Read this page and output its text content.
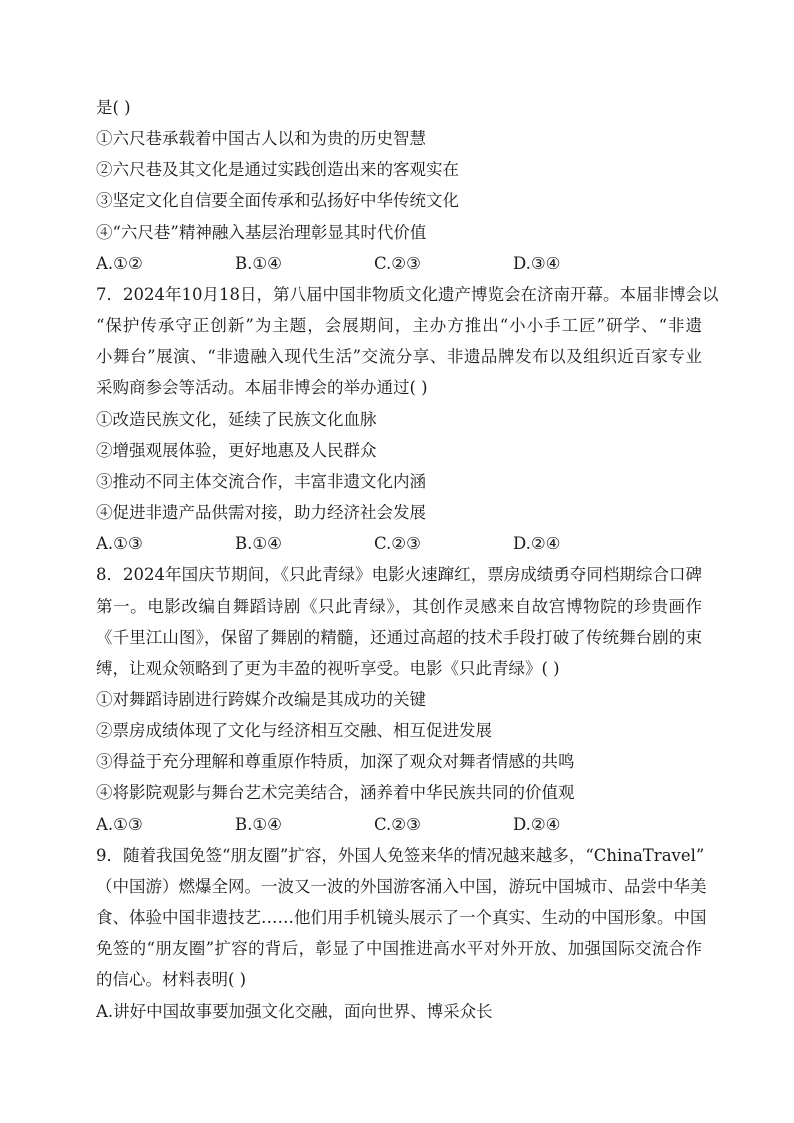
是( )
①六尺巷承载着中国古人以和为贵的历史智慧
②六尺巷及其文化是通过实践创造出来的客观实在
③坚定文化自信要全面传承和弘扬好中华传统文化
④“六尺巷”精神融入基层治理彰显其时代价值
A.①②	B.①④	C.②③	D.③④
7．2024年10月18日，第八届中国非物质文化遗产博览会在济南开幕。本届非博会以
“保护传承守正创新”为主题，会展期间，主办方推出“小小手工匠”研学、“非遗
小舞台”展演、“非遗融入现代生活”交流分享、非遗品牌发布以及组织近百家专业
采购商参会等活动。本届非博会的举办通过( )
①改造民族文化，延续了民族文化血脉
②增强观展体验，更好地惠及人民群众
③推动不同主体交流合作，丰富非遗文化内涵
④促进非遗产品供需对接，助力经济社会发展
A.①③	B.①④	C.②③	D.②④
8．2024年国庆节期间，《只此青绿》电影火速蹿红，票房成绩勇夺同档期综合口碑
第一。电影改编自舞蹈诗剧《只此青绿》，其创作灵感来自故宫博物院的珍贵画作
《千里江山图》，保留了舞剧的精髓，还通过高超的技术手段打破了传统舞台剧的束
缚，让观众领略到了更为丰盈的视听享受。电影《只此青绿》( )
①对舞蹈诗剧进行跨媒介改编是其成功的关键
②票房成绩体现了文化与经济相互交融、相互促进发展
③得益于充分理解和尊重原作特质，加深了观众对舞者情感的共鸣
④将影院观影与舞台艺术完美结合，涵养着中华民族共同的价值观
A.①③	B.①④	C.②③	D.②④
9．随着我国免签“朋友圈”扩容，外国人免签来华的情况越来越多，“ChinaTravel”
（中国游）燃爆全网。一波又一波的外国游客涌入中国，游玩中国城市、品尝中华美
食、体验中国非遗技艺……他们用手机镜头展示了一个真实、生动的中国形象。中国
免签的“朋友圈”扩容的背后，彰显了中国推进高水平对外开放、加强国际交流合作
的信心。材料表明( )
A.讲好中国故事要加强文化交融，面向世界、博采众长
